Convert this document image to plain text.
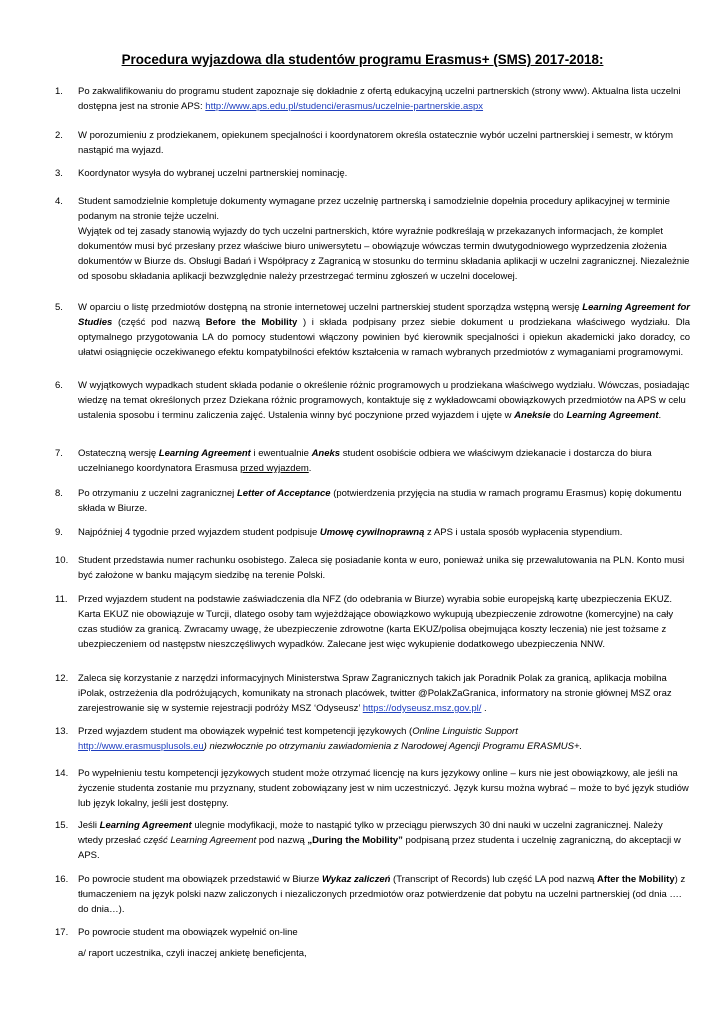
Procedura wyjazdowa dla studentów programu Erasmus+ (SMS) 2017-2018:
1.	Po zakwalifikowaniu do programu student zapoznaje się dokładnie z ofertą edukacyjną uczelni partnerskich (strony www). Aktualna lista uczelni dostępna jest na stronie APS: http://www.aps.edu.pl/studenci/erasmus/uczelnie-partnerskie.aspx

2.	W porozumieniu z prodziekanem, opiekunem specjalności i koordynatorem określa ostatecznie wybór uczelni partnerskiej i semestr, w którym nastąpić ma wyjazd.

3.	Koordynator wysyła do wybranej uczelni partnerskiej nominację.

4.	Student samodzielnie kompletuje dokumenty wymagane przez uczelnię partnerską i samodzielnie dopełnia procedury aplikacyjnej w terminie podanym na stronie tejże uczelni.

Wyjątek od tej zasady stanowią wyjazdy do tych uczelni partnerskich, które wyraźnie podkreślają w przekazanych informacjach, że komplet dokumentów musi być przesłany przez właściwe biuro uniwersytetu – obowiązuje wówczas termin dwutygodniowego wyprzedzenia złożenia dokumentów w Biurze ds. Obsługi Badań i Współpracy z Zagranicą w stosunku do terminu składania aplikacji w uczelni zagranicznej. Niezależnie od sposobu składania aplikacji bezwzględnie należy przestrzegać terminu zgłoszeń w uczelni docelowej.

5.	W oparciu o listę przedmiotów dostępną na stronie internetowej uczelni partnerskiej student sporządza wstępną wersję Learning Agreement for Studies (część pod nazwą Before the Mobility ) i składa podpisany przez siebie dokument u prodziekana właściwego wydziału. Dla optymalnego przygotowania LA do pomocy studentowi włączony powinien być kierownik specjalności i opiekun akademicki jako doradcy, co ułatwi osiągnięcie oczekiwanego efektu kompatybilności efektów kształcenia w ramach wybranych przedmiotów z wymaganiami programowymi.

6.	W wyjątkowych wypadkach student składa podanie o określenie różnic programowych u prodziekana właściwego wydziału. Wówczas, posiadając wiedzę na temat określonych przez Dziekana różnic programowych, kontaktuje się z wykładowcami obowiązkowych przedmiotów na APS w celu ustalenia sposobu i terminu zaliczenia zajęć. Ustalenia winny być poczynione przed wyjazdem i ujęte w Aneksie do Learning Agreement.

7.	Ostateczną wersję Learning Agreement i ewentualnie Aneks student osobiście odbiera we właściwym dziekanacie i dostarcza do biura uczelnianego koordynatora Erasmusa przed wyjazdem.

8.	Po otrzymaniu z uczelni zagranicznej Letter of Acceptance (potwierdzenia przyjęcia na studia w ramach programu Erasmus) kopię dokumentu składa w Biurze.

9.	Najpóźniej 4 tygodnie przed wyjazdem student podpisuje Umowę cywilnoprawną z APS i ustala sposób wypłacenia stypendium.

10.	Student przedstawia numer rachunku osobistego. Zaleca się posiadanie konta w euro, ponieważ unika się przewalutowania na PLN. Konto musi być założone w banku mającym siedzibę na terenie Polski.

11.	Przed wyjazdem student na podstawie zaświadczenia dla NFZ (do odebrania w Biurze) wyrabia sobie europejską kartę ubezpieczenia EKUZ. Karta EKUZ nie obowiązuje w Turcji, dlatego osoby tam wyjeżdżające obowiązkowo wykupują ubezpieczenie zdrowotne (komercyjne) na cały czas studiów za granicą. Zwracamy uwagę, że ubezpieczenie zdrowotne (karta EKUZ/polisa obejmująca koszty leczenia) nie jest tożsame z ubezpieczeniem od następstw nieszczęśliwych wypadków. Zalecane jest więc wykupienie dodatkowego ubezpieczenia NNW.

12.	Zaleca się korzystanie z narzędzi informacyjnych Ministerstwa Spraw Zagranicznych takich jak Poradnik Polak za granicą, aplikacja mobilna iPolak, ostrzeżenia dla podróżujących, komunikaty na stronach placówek, twitter @PolakZaGranica, informatory na stronie głównej MSZ oraz zarejestrowanie się w systemie rejestracji podróży MSZ ‘Odyseusz’ https://odyseusz.msz.gov.pl/ .

13.	Przed wyjazdem student ma obowiązek wypełnić test kompetencji językowych (Online Linguistic Support http://www.erasmusplusols.eu) niezwłocznie po otrzymaniu zawiadomienia z Narodowej Agencji Programu ERASMUS+.

14.	Po wypełnieniu testu kompetencji językowych student może otrzymać licencję na kurs językowy online – kurs nie jest obowiązkowy, ale jeśli na życzenie studenta zostanie mu przyznany, student zobowiązany jest w nim uczestniczyć. Język kursu można wybrać – może to być język studiów lub język lokalny, jeśli jest dostępny.

15.	Jeśli Learning Agreement ulegnie modyfikacji, może to nastąpić tylko w przeciągu pierwszych 30 dni nauki w uczelni zagranicznej. Należy wtedy przesłać część Learning Agreement pod nazwą „During the Mobility” podpisaną przez studenta i uczelnię zagraniczną, do akceptacji w APS.

16.	Po powrocie student ma obowiązek przedstawić w Biurze Wykaz zaliczeń (Transcript of Records) lub część LA pod nazwą After the Mobility) z tłumaczeniem na język polski nazw zaliczonych i niezaliczonych przedmiotów oraz potwierdzenie dat pobytu na uczelni partnerskiej (od dnia …. do dnia…).

17.	Po powrocie student ma obowiązek wypełnić on-line

a/ raport uczestnika, czyli inaczej ankietę beneficjenta,
